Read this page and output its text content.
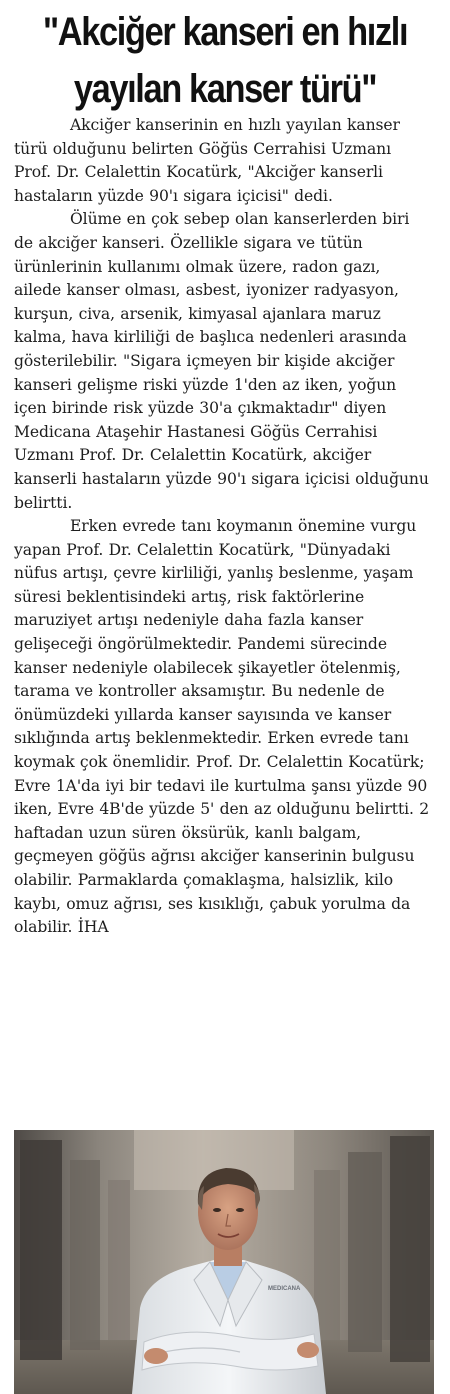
"Akciğer kanseri en hızlı
yayılan kanser türü"

Akciğer kanserinin en hızlı yayılan kanser türü olduğunu belirten Göğüs Cerrahisi Uzmanı Prof. Dr. Celalettin Kocatürk, "Akciğer kanserli hastaların yüzde 90'ı sigara içicisi" dedi.

Ölüme en çok sebep olan kanserlerden biri de akciğer kanseri. Özellikle sigara ve tütün ürünlerinin kullanımı olmak üzere, radon gazı, ailede kanser olması, asbest, iyonizer radyasyon, kurşun, civa, arsenik, kimyasal ajanlara maruz kalma, hava kirliliği de başlıca nedenleri arasında gösterilebilir. "Sigara içmeyen bir kişide akciğer kanseri gelişme riski yüzde 1'den az iken, yoğun içen birinde risk yüzde 30'a çıkmaktadır" diyen Medicana Ataşehir Hastanesi Göğüs Cerrahisi Uzmanı Prof. Dr. Celalettin Kocatürk, akciğer kanserli hastaların yüzde 90'ı sigara içicisi olduğunu belirtti.

Erken evrede tanı koymanın önemine vurgu yapan Prof. Dr. Celalettin Kocatürk, "Dünyadaki nüfus artışı, çevre kirliliği, yanlış beslenme, yaşam süresi beklentisindeki artış, risk faktörlerine maruziyet artışı nedeniyle daha fazla kanser gelişeceği öngörülmektedir. Pandemi sürecinde kanser nedeniyle olabilecek şikayetler ötelenmiş, tarama ve kontroller aksamıştır. Bu nedenle de önümüzdeki yıllarda kanser sayısında ve kanser sıklığında artış beklenmektedir. Erken evrede tanı koymak çok önemlidir. Prof. Dr. Celalettin Kocatürk; Evre 1A'da iyi bir tedavi ile kurtulma şansı yüzde 90 iken, Evre 4B'de yüzde 5' den az olduğunu belirtti. 2 haftadan uzun süren öksürük, kanlı balgam, geçmeyen göğüs ağrısı akciğer kanserinin bulgusu olabilir. Parmaklarda çomaklaşma, halsizlik, kilo kaybı, omuz ağrısı, ses kısıklığı, çabuk yorulma da olabilir. İHA

MEDICANA
